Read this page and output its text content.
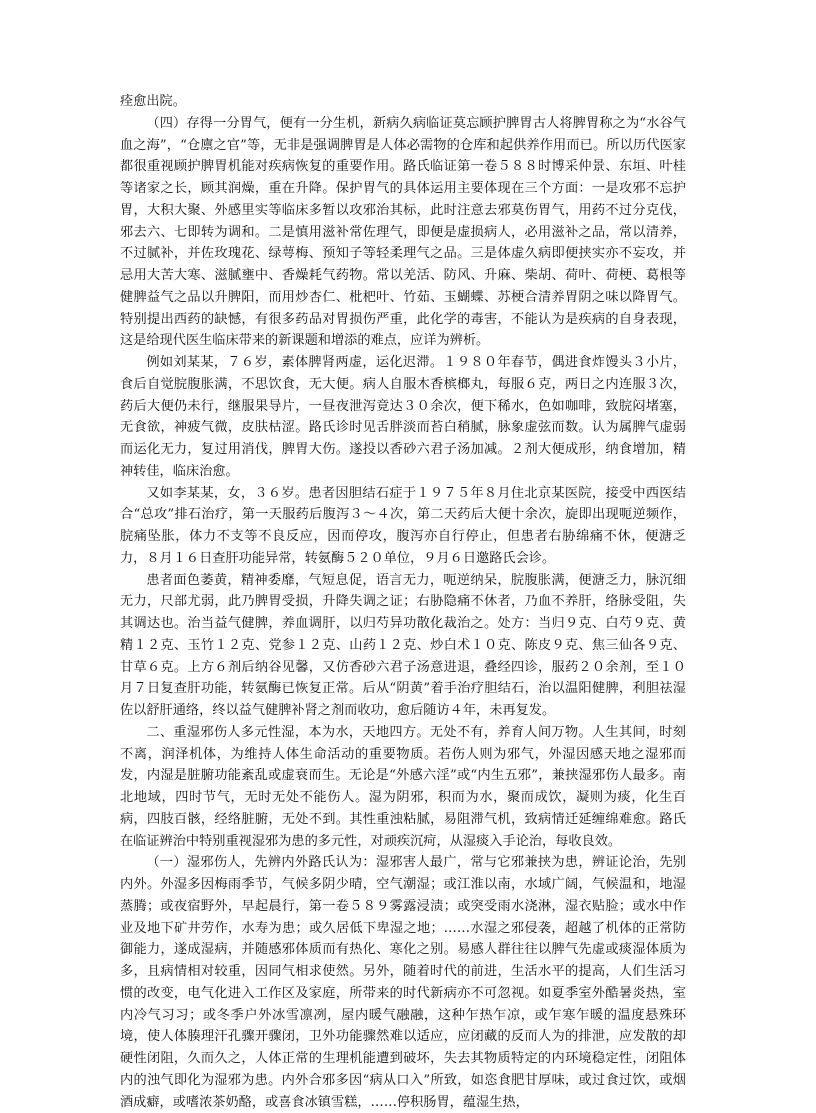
痊愈出院。

（四）存得一分胃气，便有一分生机，新病久病临证莫忘顾护脾胃古人将脾胃称之为“水谷气血之海”，“仓廪之官”等，无非是强调脾胃是人体必需物的仓库和起供养作用而已。所以历代医家都很重视顾护脾胃机能对疾病恢复的重要作用。路氏临证第一卷５８８时博采仲景、东垣、叶桂等诸家之长，顾其润燥，重在升降。保护胃气的具体运用主要体现在三个方面：一是攻邪不忘护胃，大积大聚、外感里实等临床多暂以攻邪治其标，此时注意去邪莫伤胃气，用药不过分克伐，邪去六、七即转为调和。二是慎用滋补常佐理气，即便是虚损病人，必用滋补之品，常以清养，不过腻补，并佐玫瑰花、绿萼梅、预知子等轻柔理气之品。三是体虚久病即便挟实亦不妄攻，并忌用大苦大寒、滋腻壅中、香燥耗气药物。常以羌活、防风、升麻、柴胡、荷叶、荷梗、葛根等健脾益气之品以升脾阳，而用炒杏仁、枇杷叶、竹茹、玉蝴蝶、苏梗合清养胃阴之味以降胃气。特别提出西药的缺憾，有很多药品对胃损伤严重，此化学的毒害，不能认为是疾病的自身表现，这是给现代医生临床带来的新课题和增添的难点，应详为辨析。

例如刘某某，７６岁，素体脾肾两虚，运化迟滞。１９８０年春节，偶进食炸馒头３小片，食后自觉脘腹胀满，不思饮食，无大便。病人自服木香槟榔丸，每服６克，两日之内连服３次，药后大便仍未行，继服果导片，一昼夜泄泻竟达３０余次，便下稀水，色如咖啡，致脘闷堵塞，无食欲，神疲气微，皮肤枯涩。路氏诊时见舌胖淡而苔白稍腻，脉象虚弦而数。认为属脾气虚弱而运化无力，复过用消伐，脾胃大伤。遂投以香砂六君子汤加减。２剂大便成形，纳食增加，精神转佳，临床治愈。

又如李某某，女，３６岁。患者因胆结石症于１９７５年８月住北京某医院，接受中西医结合“总攻”排石治疗，第一天服药后腹泻３～４次，第二天药后大便十余次，旋即出现呃逆频作，脘痛坠胀，体力不支等不良反应，因而停攻，腹泻亦自行停止，但患者右胁绵痛不休，便溏乏力，８月１６日查肝功能异常，转氨酶５２０单位，９月６日邀路氏会诊。

患者面色萎黄，精神委靡，气短息促，语言无力，呃逆纳呆，脘腹胀满，便溏乏力，脉沉细无力，尺部尤弱，此乃脾胃受损，升降失调之证；右胁隐痛不休者，乃血不养肝，络脉受阻，失其调达也。治当益气健脾，养血调肝，以归芍异功散化裁治之。处方：当归９克、白芍９克、黄精１２克、玉竹１２克、党参１２克、山药１２克、炒白术１０克、陈皮９克、焦三仙各９克、甘草６克。上方６剂后纳谷见馨，又仿香砂六君子汤意进退，叠经四诊，服药２０余剂，至１０月７日复查肝功能，转氨酶已恢复正常。后从“阴黄”着手治疗胆结石，治以温阳健脾，利胆祛湿佐以舒肝通络，终以益气健脾补肾之剂而收功，愈后随访４年，未再复发。

二、重湿邪伤人多元性湿，本为水，天地四方。无处不有，养育人间万物。人生其间，时刻不离，润泽机体，为维持人体生命活动的重要物质。若伤人则为邪气，外湿因感天地之湿邪而发，内湿是脏腑功能紊乱或虚衰而生。无论是“外感六淫”或“内生五邪”，兼挟湿邪伤人最多。南北地域，四时节气，无时无处不能伤人。湿为阴邪，积而为水，聚而成饮，凝则为痰，化生百病，四肢百骸，经络脏腑，无处不到。其性重浊粘腻，易阻滞气机，致病情迁延缠绵难愈。路氏在临证辨治中特别重视湿邪为患的多元性，对顽疾沉疴，从湿痰入手论治，每收良效。

（一）湿邪伤人，先辨内外路氏认为：湿邪害人最广，常与它邪兼挟为患，辨证论治，先别内外。外湿多因梅雨季节，气候多阴少晴，空气潮湿；或江淮以南，水域广阔，气候温和，地湿蒸腾；或夜宿野外，早起晨行，第一卷５８９雾露浸渍；或突受雨水浇淋，湿衣贴脸；或水中作业及地下矿井劳作，水寿为患；或久居低下卑湿之地；……水湿之邪侵袭，超越了机体的正常防御能力，遂成湿病，并随感邪体质而有热化、寒化之别。易感人群往往以脾气先虚或痰湿体质为多，且病情相对较重，因同气相求使然。另外，随着时代的前进，生活水平的提高，人们生活习惯的改变，电气化进入工作区及家庭，所带来的时代新病亦不可忽视。如夏季室外酷暑炎热，室内冷气习习；或冬季户外冰雪凛冽，屋内暖气融融，这种乍热乍凉，或乍寒乍暖的温度悬殊环境，使人体腠理汗孔骤开骤闭，卫外功能骤然难以适应，应闭藏的反而人为的排泄，应发散的却硬性闭阻，久而久之，人体正常的生理机能遭到破坏，失去其物质特定的内环境稳定性，闭阻体内的浊气即化为湿邪为患。内外合邪多因“病从口入”所致，如恣食肥甘厚味，或过食过饮，或烟酒成癖，或嗜浓茶奶酪，或喜食冰镇雪糕，……停积肠胃，蕴湿生热，
